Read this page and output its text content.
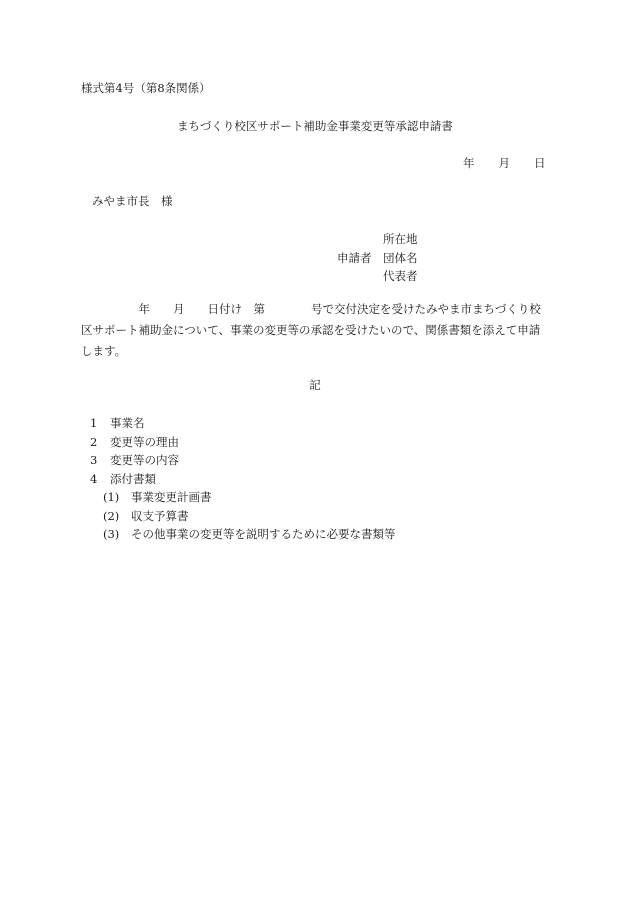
様式第4号（第8条関係）
まちづくり校区サポート補助金事業変更等承認申請書
年 月 日
みやま市長　様
所在地
申請者 団体名
代表者
　　　　　年　　月　　日付け　第　　　　号で交付決定を受けたみやま市まちづくり校
区サポート補助金について、事業の変更等の承認を受けたいので、関係書類を添えて申請
します。
記
1 事業名
2 変更等の理由
3 変更等の内容
4 添付書類
(1) 事業変更計画書
(2) 収支予算書
(3) その他事業の変更等を説明するために必要な書類等
